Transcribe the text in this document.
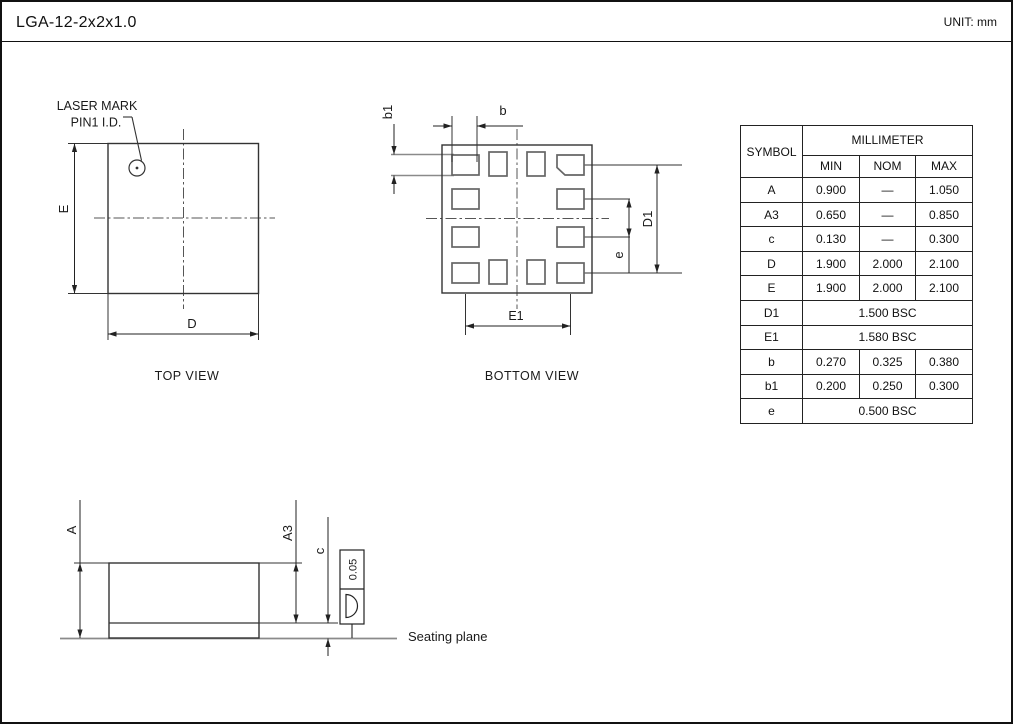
LGA-12-2x2x1.0	UNIT: mm
LASER MARK
PIN1 I.D.
E
D
TOP VIEW
b
b1
D1
e
E1
BOTTOM VIEW
A	A3
c
0.05
Seating plane
SYMBOL	MILLIMETER		
	MIN	NOM	MAX
A	0.900	—	1.050
A3	0.650	—	0.850
c	0.130	—	0.300
D	1.900	2.000	2.100
E	1.900	2.000	2.100
D1	1.500 BSC		
E1	1.580 BSC		
b	0.270	0.325	0.380
b1	0.200	0.250	0.300
e	0.500 BSC		
